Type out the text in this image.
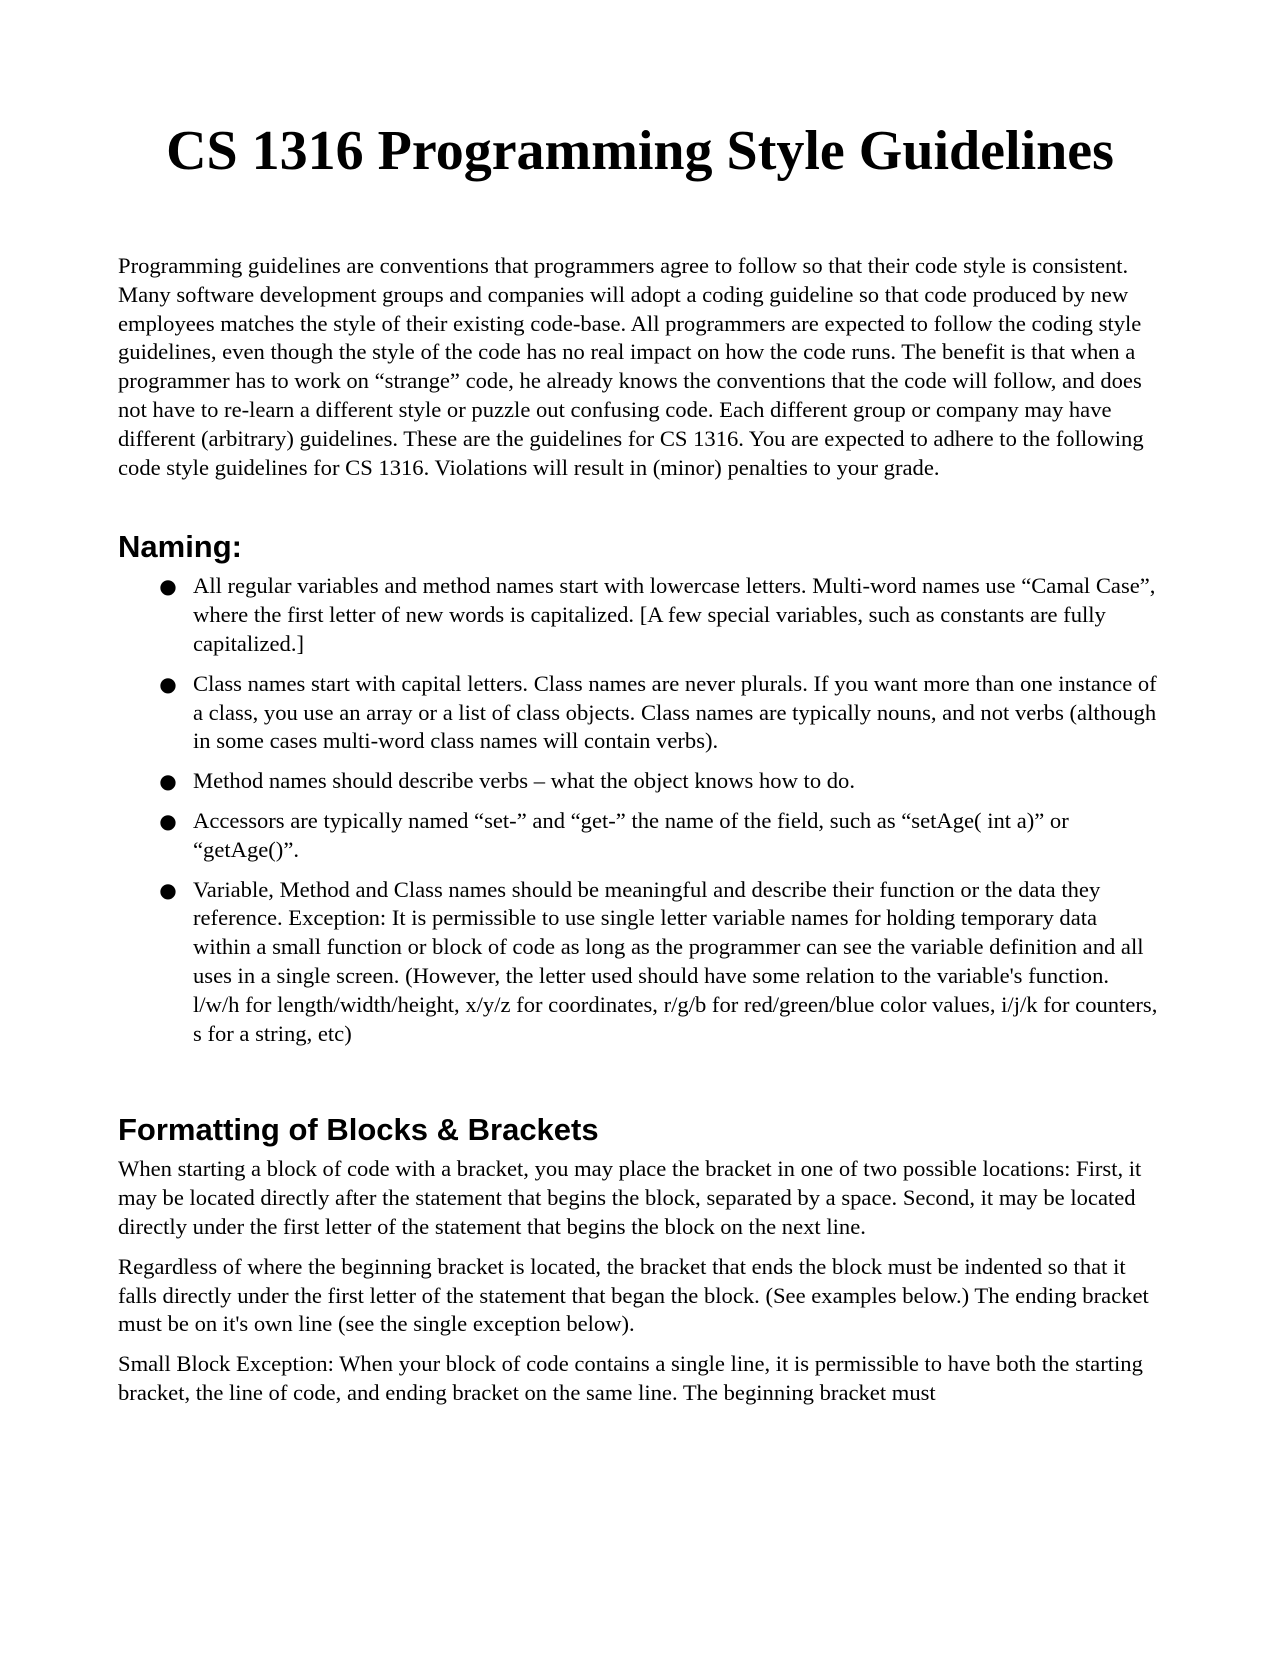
CS 1316 Programming Style Guidelines

Programming guidelines are conventions that programmers agree to follow so that their code style is consistent. Many software development groups and companies will adopt a coding guideline so that code produced by new employees matches the style of their existing code-base. All programmers are expected to follow the coding style guidelines, even though the style of the code has no real impact on how the code runs. The benefit is that when a programmer has to work on “strange” code, he already knows the conventions that the code will follow, and does not have to re-learn a different style or puzzle out confusing code. Each different group or company may have different (arbitrary) guidelines. These are the guidelines for CS 1316. You are expected to adhere to the following code style guidelines for CS 1316. Violations will result in (minor) penalties to your grade.

Naming:
● All regular variables and method names start with lowercase letters. Multi-word names use “Camal Case”, where the first letter of new words is capitalized. [A few special variables, such as constants are fully capitalized.]
● Class names start with capital letters. Class names are never plurals. If you want more than one instance of a class, you use an array or a list of class objects. Class names are typically nouns, and not verbs (although in some cases multi-word class names will contain verbs).
● Method names should describe verbs – what the object knows how to do.
● Accessors are typically named “set-” and “get-” the name of the field, such as “setAge( int a)” or “getAge()”.
● Variable, Method and Class names should be meaningful and describe their function or the data they reference. Exception: It is permissible to use single letter variable names for holding temporary data within a small function or block of code as long as the programmer can see the variable definition and all uses in a single screen. (However, the letter used should have some relation to the variable's function. l/w/h for length/width/height, x/y/z for coordinates, r/g/b for red/green/blue color values, i/j/k for counters, s for a string, etc)
Formatting of Blocks & Brackets

When starting a block of code with a bracket, you may place the bracket in one of two possible locations: First, it may be located directly after the statement that begins the block, separated by a space. Second, it may be located directly under the first letter of the statement that begins the block on the next line.

Regardless of where the beginning bracket is located, the bracket that ends the block must be indented so that it falls directly under the first letter of the statement that began the block. (See examples below.) The ending bracket must be on it's own line (see the single exception below).

Small Block Exception: When your block of code contains a single line, it is permissible to have both the starting bracket, the line of code, and ending bracket on the same line. The beginning bracket must
